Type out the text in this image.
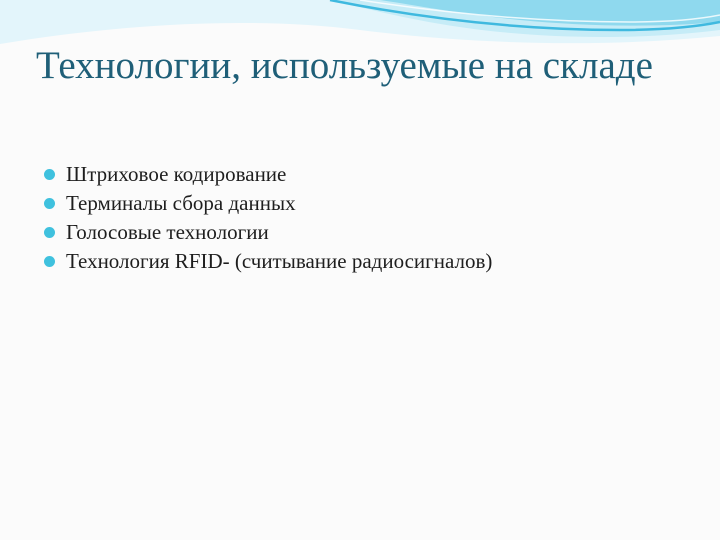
Технологии, используемые на складе
Штриховое кодирование
Терминалы сбора данных
Голосовые технологии
Технология RFID- (считывание радиосигналов)
